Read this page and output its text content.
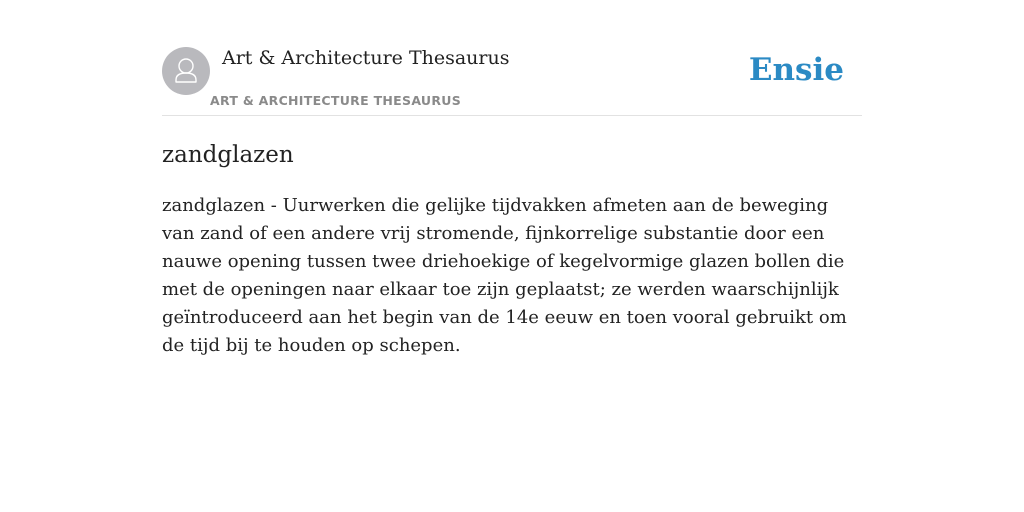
Art & Architecture Thesaurus
ART & ARCHITECTURE THESAURUS
Ensie
zandglazen

zandglazen - Uurwerken die gelijke tijdvakken afmeten aan de beweging van zand of een andere vrij stromende, fijnkorrelige substantie door een nauwe opening tussen twee driehoekige of kegelvormige glazen bollen die met de openingen naar elkaar toe zijn geplaatst; ze werden waarschijnlijk geïntroduceerd aan het begin van de 14e eeuw en toen vooral gebruikt om de tijd bij te houden op schepen.
